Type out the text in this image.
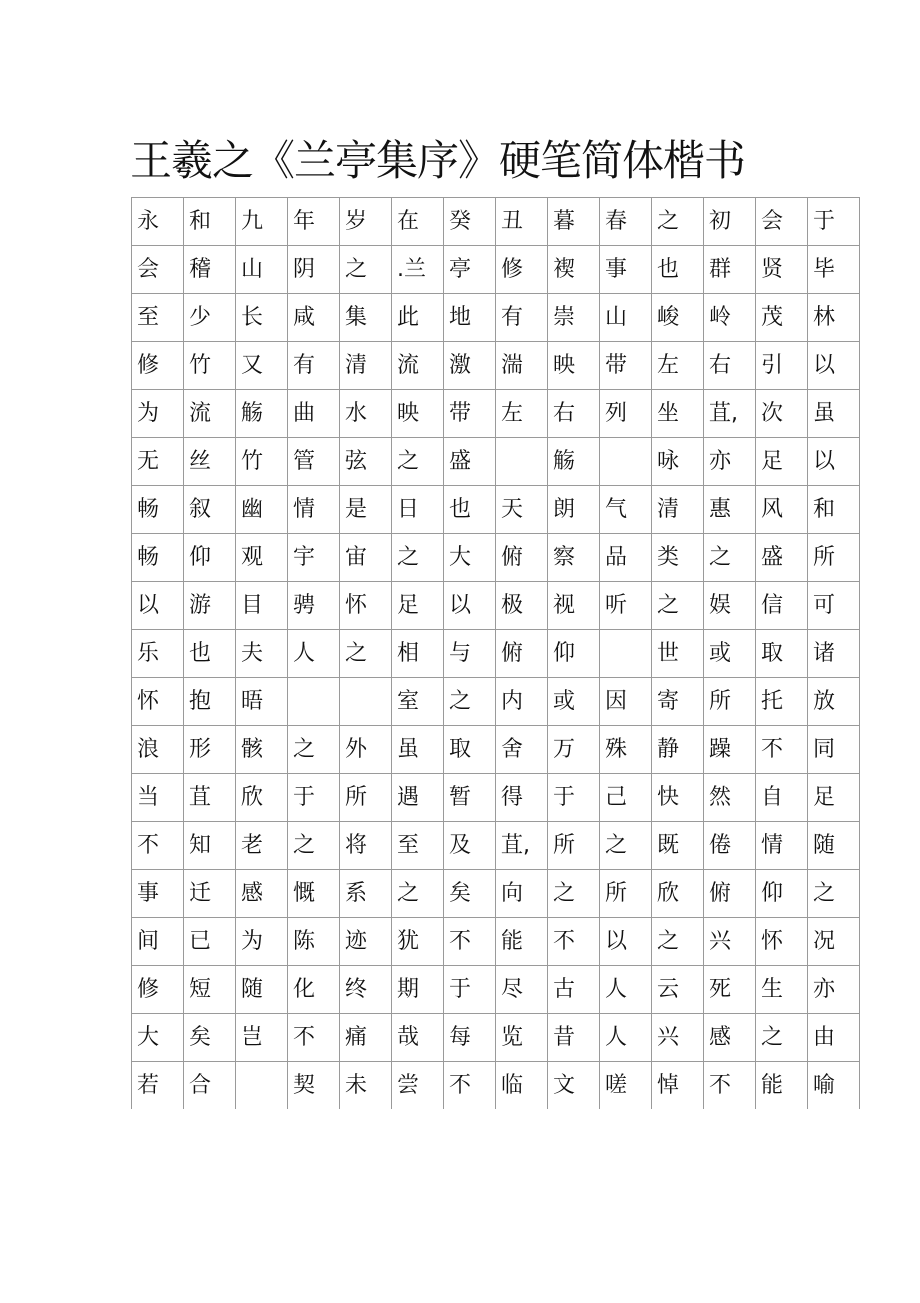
王羲之《兰亭集序》硬笔简体楷书
永	和	九	年	岁	在	癸	丑	暮	春	之	初	会	于
会	稽	山	阴	之	.兰	亭	修	褉	事	也	群	贤	毕
至	少	长	咸	集	此	地	有	崇	山	峻	岭	茂	林
修	竹	又	有	清	流	激	湍	映	带	左	右	引	以
为	流	觞	曲	水	映	带	左	右	列	坐	苴,	次	虽
无	丝	竹	管	弦	之	盛		觞		咏	亦	足	以
畅	叙	幽	情	是	日	也	天	朗	气	清	惠	风	和
畅	仰	观	宇	宙	之	大	俯	察	品	类	之	盛	所
以	游	目	骋	怀	足	以	极	视	听	之	娱	信	可
乐	也	夫	人	之	相	与	俯	仰		世	或	取	诸
怀	抱	晤			室	之	内	或	因	寄	所	托	放
浪	形	骸	之	外	虽	取	舍	万	殊	静	躁	不	同
当	苴	欣	于	所	遇	暂	得	于	己	快	然	自	足
不	知	老	之	将	至	及	苴,	所	之	既	倦	情	随
事	迁	感	慨	系	之	矣	向	之	所	欣	俯	仰	之
间	已	为	陈	迹	犹	不	能	不	以	之	兴	怀	况
修	短	随	化	终	期	于	尽	古	人	云	死	生	亦
大	矣	岂	不	痛	哉	每	览	昔	人	兴	感	之	由
若	合		契	未	尝	不	临	文	嗟	悼	不	能	喻
